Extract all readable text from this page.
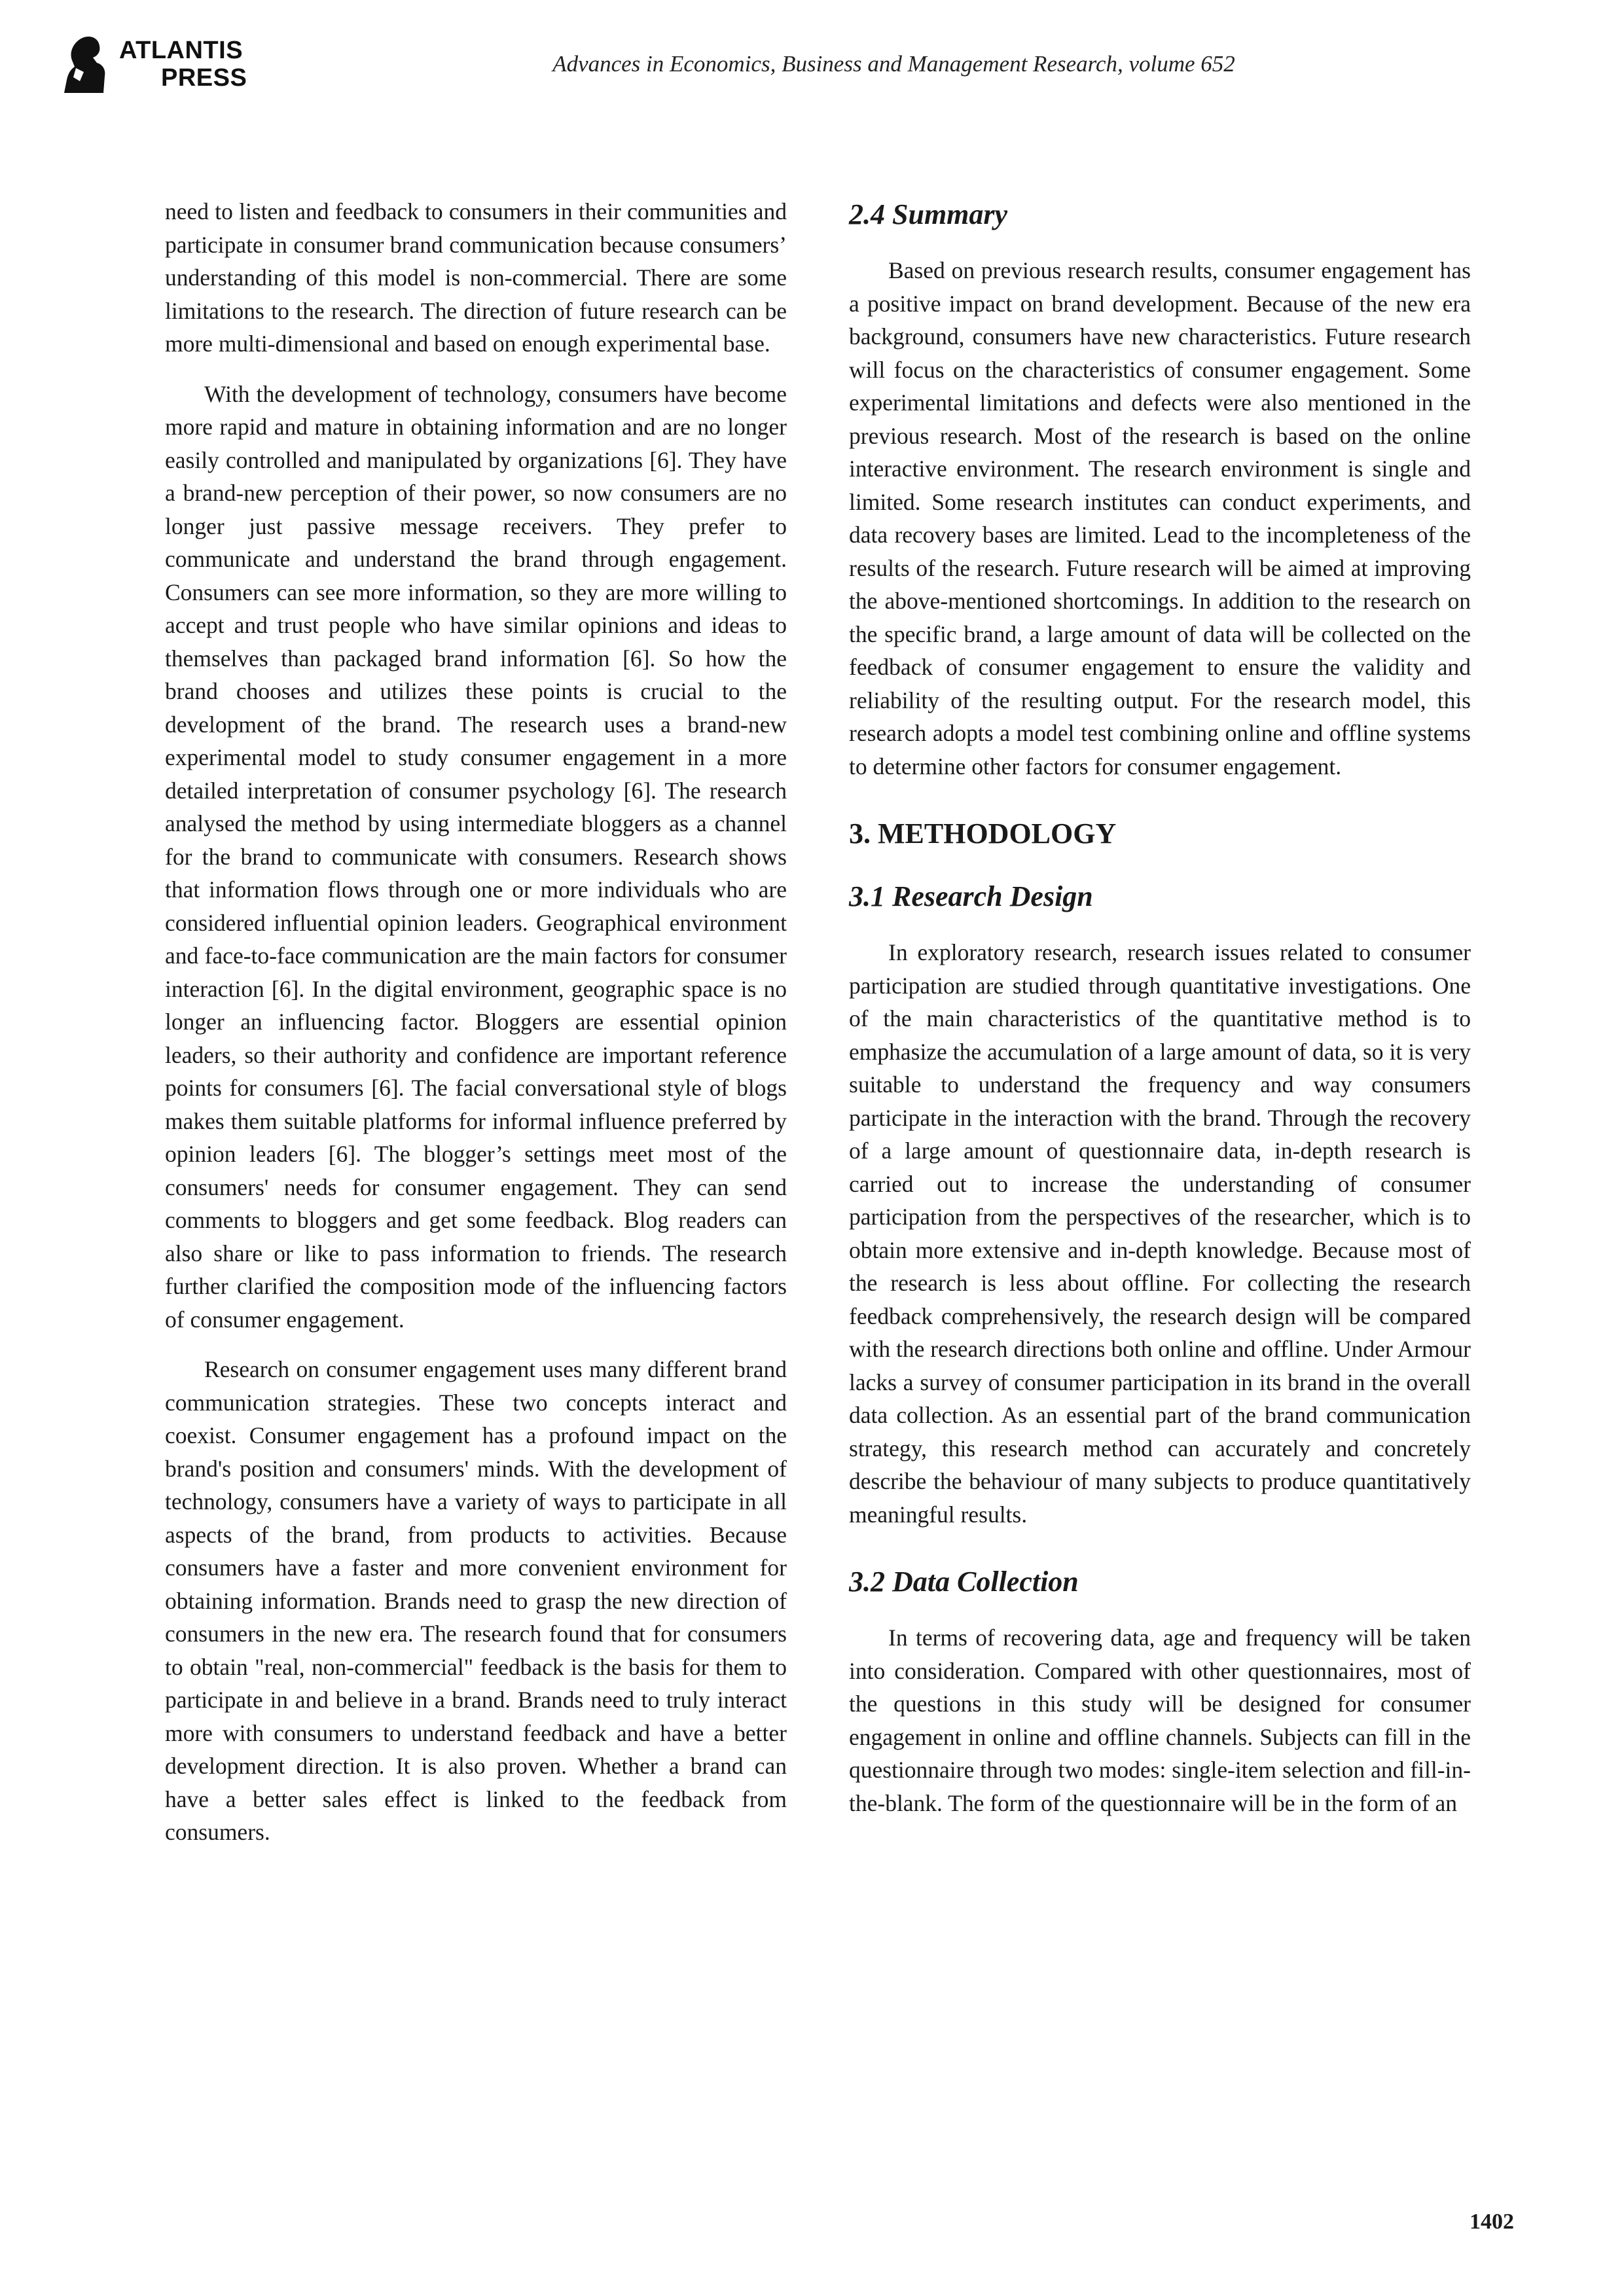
ATLANTIS
PRESS
Advances in Economics, Business and Management Research, volume 652

need to listen and feedback to consumers in their communities and participate in consumer brand communication because consumers’ understanding of this model is non-commercial. There are some limitations to the research. The direction of future research can be more multi-dimensional and based on enough experimental base.

With the development of technology, consumers have become more rapid and mature in obtaining information and are no longer easily controlled and manipulated by organizations [6]. They have a brand-new perception of their power, so now consumers are no longer just passive message receivers. They prefer to communicate and understand the brand through engagement. Consumers can see more information, so they are more willing to accept and trust people who have similar opinions and ideas to themselves than packaged brand information [6]. So how the brand chooses and utilizes these points is crucial to the development of the brand. The research uses a brand-new experimental model to study consumer engagement in a more detailed interpretation of consumer psychology [6]. The research analysed the method by using intermediate bloggers as a channel for the brand to communicate with consumers. Research shows that information flows through one or more individuals who are considered influential opinion leaders. Geographical environment and face-to-face communication are the main factors for consumer interaction [6]. In the digital environment, geographic space is no longer an influencing factor. Bloggers are essential opinion leaders, so their authority and confidence are important reference points for consumers [6]. The facial conversational style of blogs makes them suitable platforms for informal influence preferred by opinion leaders [6]. The blogger’s settings meet most of the consumers' needs for consumer engagement. They can send comments to bloggers and get some feedback. Blog readers can also share or like to pass information to friends. The research further clarified the composition mode of the influencing factors of consumer engagement.

Research on consumer engagement uses many different brand communication strategies. These two concepts interact and coexist. Consumer engagement has a profound impact on the brand's position and consumers' minds. With the development of technology, consumers have a variety of ways to participate in all aspects of the brand, from products to activities. Because consumers have a faster and more convenient environment for obtaining information. Brands need to grasp the new direction of consumers in the new era. The research found that for consumers to obtain "real, non-commercial" feedback is the basis for them to participate in and believe in a brand. Brands need to truly interact more with consumers to understand feedback and have a better development direction. It is also proven. Whether a brand can have a better sales effect is linked to the feedback from consumers.

2.4 Summary

Based on previous research results, consumer engagement has a positive impact on brand development. Because of the new era background, consumers have new characteristics. Future research will focus on the characteristics of consumer engagement. Some experimental limitations and defects were also mentioned in the previous research. Most of the research is based on the online interactive environment. The research environment is single and limited. Some research institutes can conduct experiments, and data recovery bases are limited. Lead to the incompleteness of the results of the research. Future research will be aimed at improving the above-mentioned shortcomings. In addition to the research on the specific brand, a large amount of data will be collected on the feedback of consumer engagement to ensure the validity and reliability of the resulting output. For the research model, this research adopts a model test combining online and offline systems to determine other factors for consumer engagement.

3. METHODOLOGY
3.1 Research Design

In exploratory research, research issues related to consumer participation are studied through quantitative investigations. One of the main characteristics of the quantitative method is to emphasize the accumulation of a large amount of data, so it is very suitable to understand the frequency and way consumers participate in the interaction with the brand. Through the recovery of a large amount of questionnaire data, in-depth research is carried out to increase the understanding of consumer participation from the perspectives of the researcher, which is to obtain more extensive and in-depth knowledge. Because most of the research is less about offline. For collecting the research feedback comprehensively, the research design will be compared with the research directions both online and offline. Under Armour lacks a survey of consumer participation in its brand in the overall data collection. As an essential part of the brand communication strategy, this research method can accurately and concretely describe the behaviour of many subjects to produce quantitatively meaningful results.

3.2 Data Collection

In terms of recovering data, age and frequency will be taken into consideration. Compared with other questionnaires, most of the questions in this study will be designed for consumer engagement in online and offline channels. Subjects can fill in the questionnaire through two modes: single-item selection and fill-in-the-blank. The form of the questionnaire will be in the form of an

1402
